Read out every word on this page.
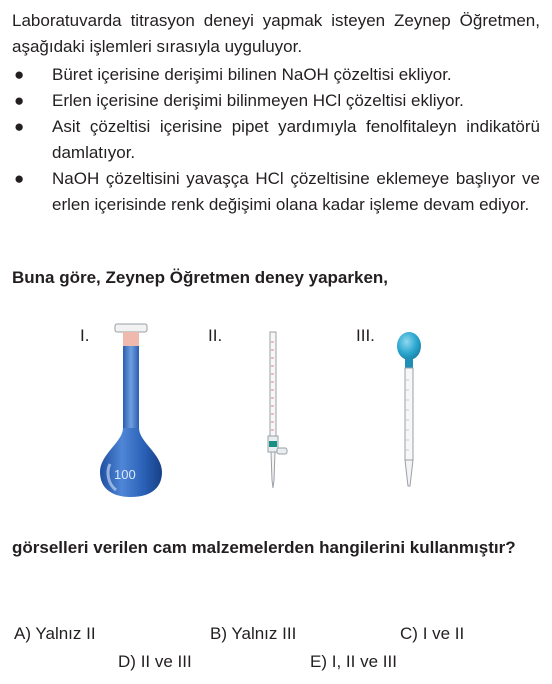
Laboratuvarda titrasyon deneyi yapmak isteyen Zeynep Öğretmen, aşağıdaki işlemleri sırasıyla uyguluyor.

● Büret içerisine derişimi bilinen NaOH çözeltisi ekliyor.
● Erlen içerisine derişimi bilinmeyen HCl çözeltisi ekliyor.
● Asit çözeltisi içerisine pipet yardımıyla fenolfitaleyn indikatörü damlatıyor.
● NaOH çözeltisini yavaşça HCl çözeltisine eklemeye başlıyor ve erlen içerisinde renk değişimi olana kadar işleme devam ediyor.

Buna göre, Zeynep Öğretmen deney yaparken,

I.	II.	III.
100

görselleri verilen cam malzemelerden hangilerini kullanmıştır?

A) Yalnız II	B) Yalnız III	C) I ve II
D) II ve III	E) I, II ve III
